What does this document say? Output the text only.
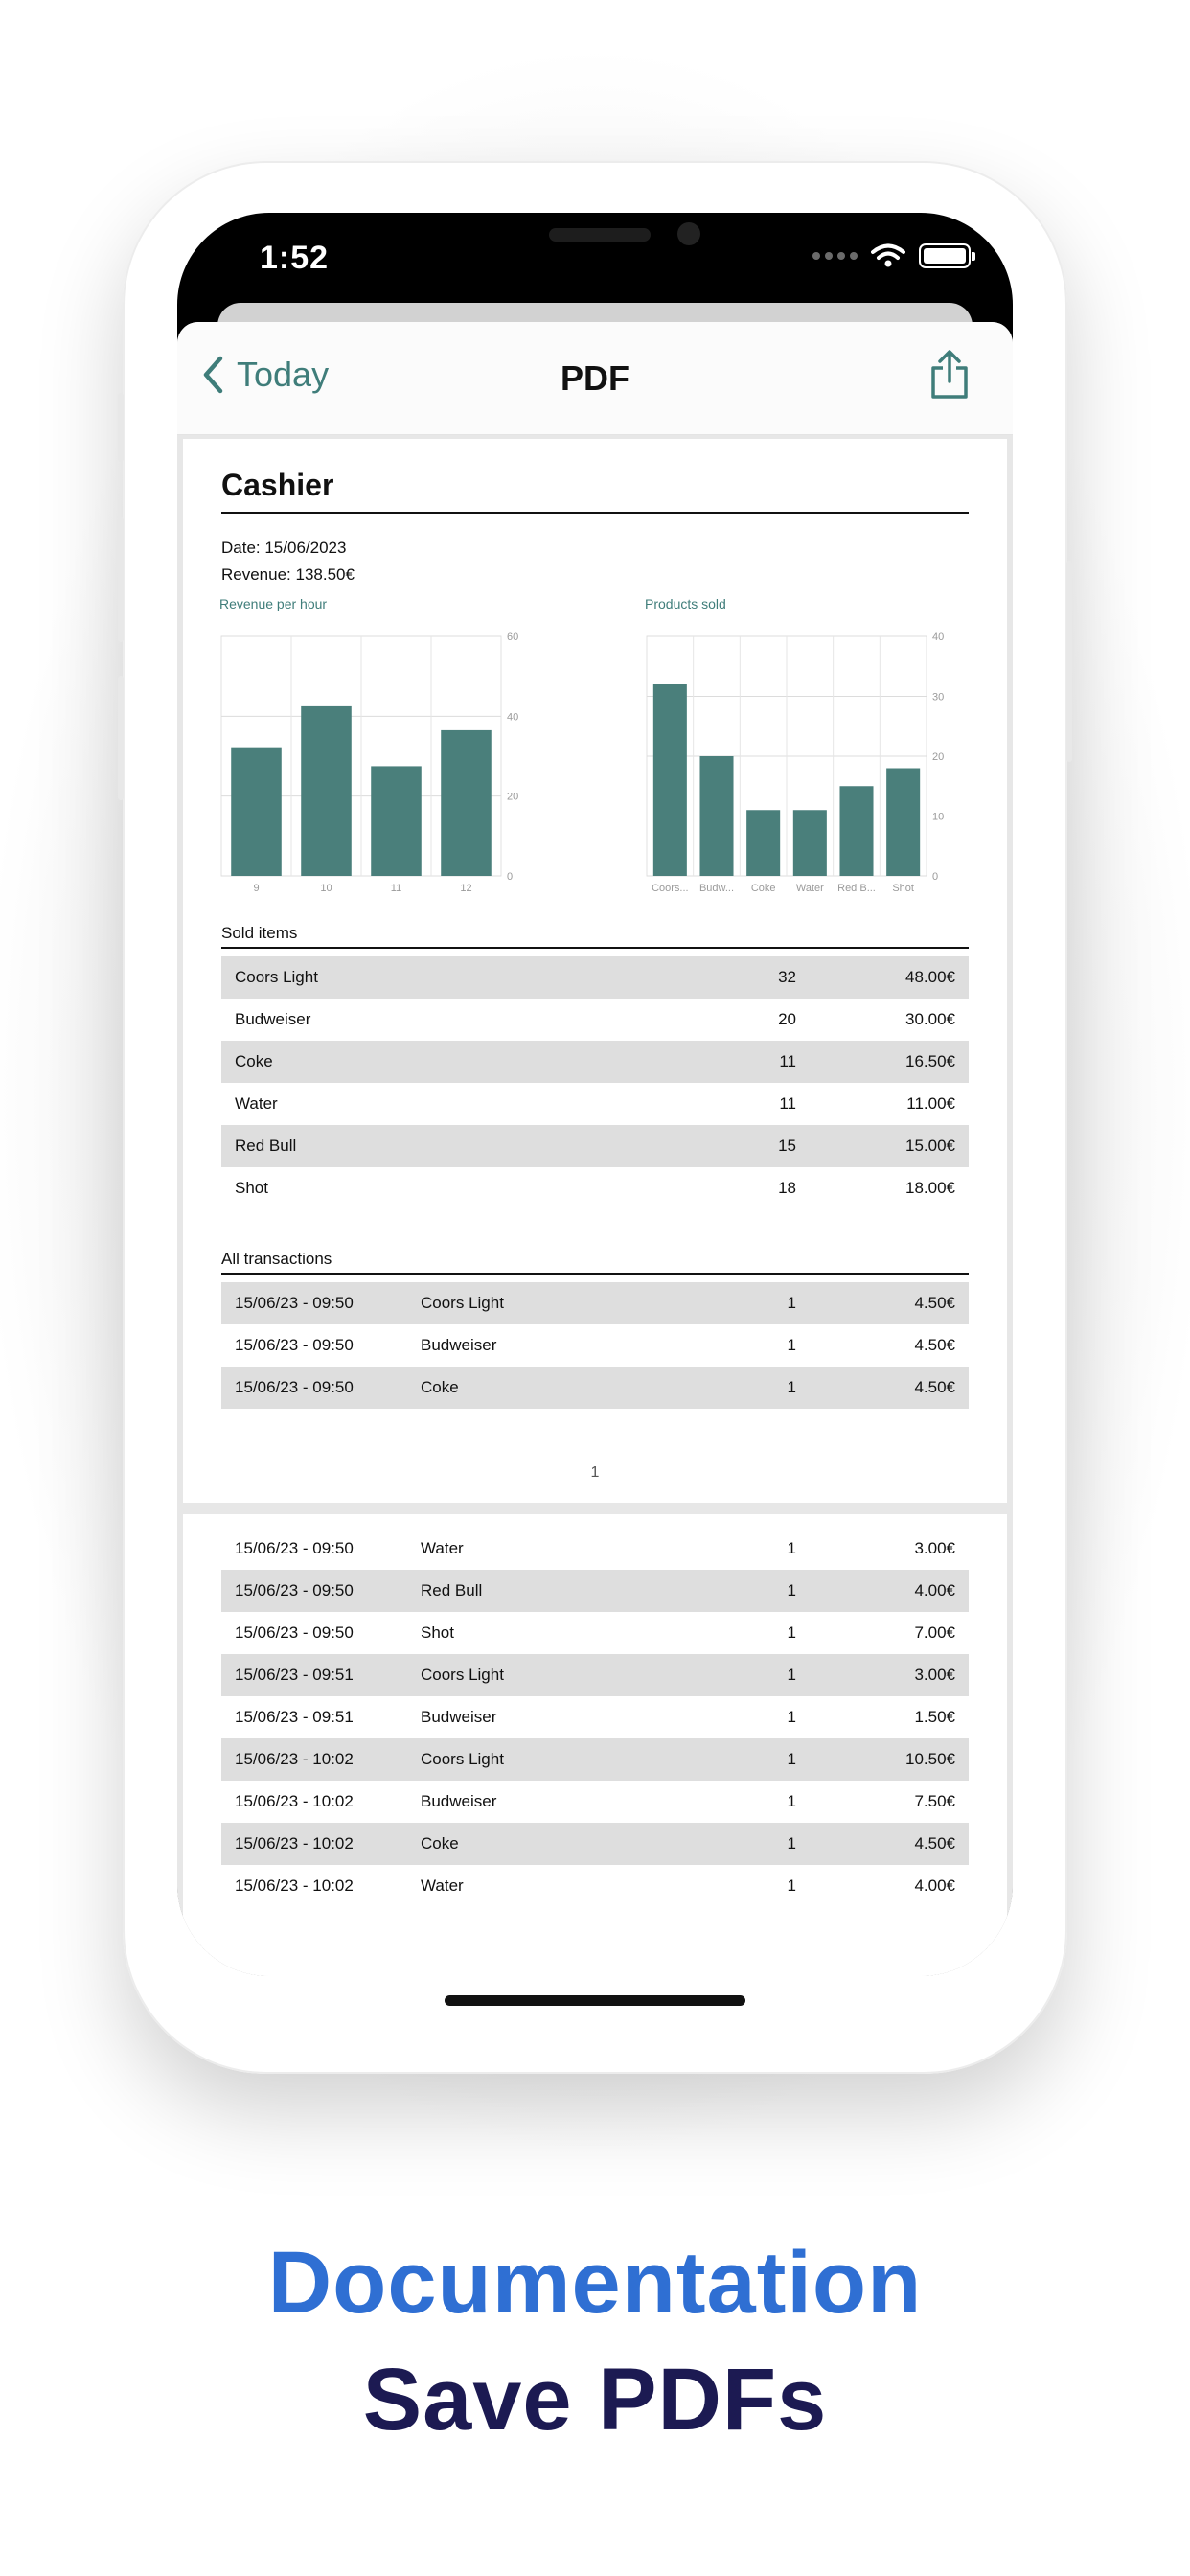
1:52
Today	PDF
Cashier
Date: 15/06/2023
Revenue: 138.50€
Revenue per hour
0
20
40
60
9	10	11	12
Products sold
0
10
20
30
40
Coors... Budw... Coke Water Red B... Shot
Sold items
Coors Light	32	48.00€
Budweiser	20	30.00€
Coke	11	16.50€
Water	11	11.00€
Red Bull	15	15.00€
Shot	18	18.00€
All transactions
15/06/23 - 09:50	Coors Light	1	4.50€
15/06/23 - 09:50	Budweiser	1	4.50€
15/06/23 - 09:50	Coke	1	4.50€
1
15/06/23 - 09:50	Water	1	3.00€
15/06/23 - 09:50	Red Bull	1	4.00€
15/06/23 - 09:50	Shot	1	7.00€
15/06/23 - 09:51	Coors Light	1	3.00€
15/06/23 - 09:51	Budweiser	1	1.50€
15/06/23 - 10:02	Coors Light	1	10.50€
15/06/23 - 10:02	Budweiser	1	7.50€
15/06/23 - 10:02	Coke	1	4.50€
15/06/23 - 10:02	Water	1	4.00€
Documentation
Save PDFs
